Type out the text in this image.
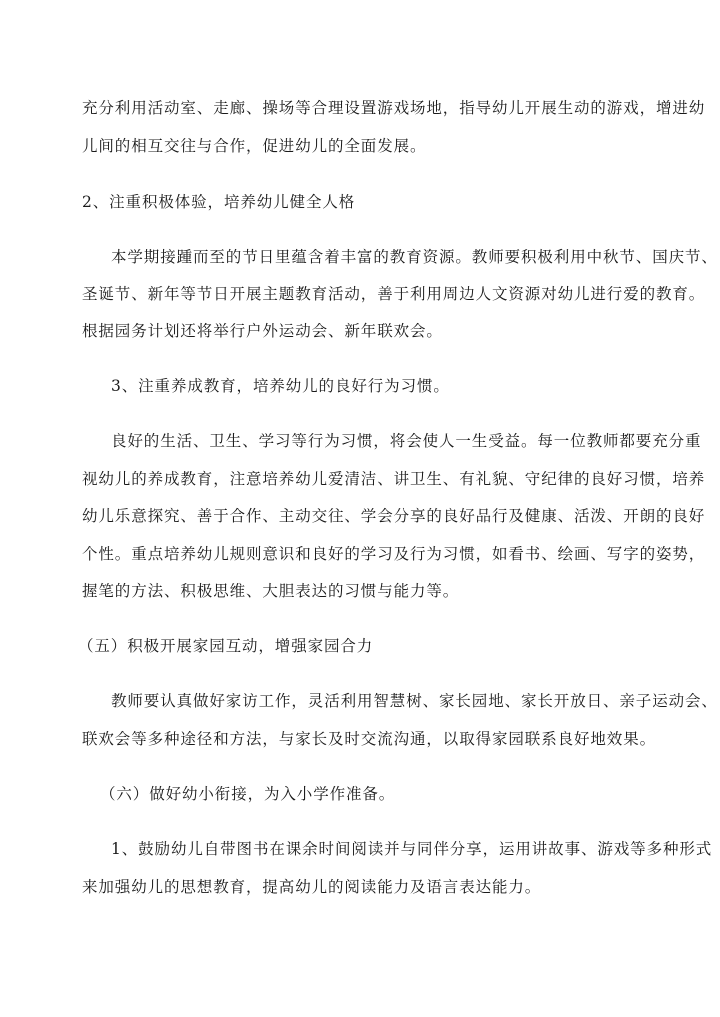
充分利用活动室、走廊、操场等合理设置游戏场地，指导幼儿开展生动的游戏，增进幼
儿间的相互交往与合作，促进幼儿的全面发展。
2、注重积极体验，培养幼儿健全人格
本学期接踵而至的节日里蕴含着丰富的教育资源。教师要积极利用中秋节、国庆节、
圣诞节、新年等节日开展主题教育活动，善于利用周边人文资源对幼儿进行爱的教育。
根据园务计划还将举行户外运动会、新年联欢会。
3、注重养成教育，培养幼儿的良好行为习惯。
良好的生活、卫生、学习等行为习惯，将会使人一生受益。每一位教师都要充分重
视幼儿的养成教育，注意培养幼儿爱清洁、讲卫生、有礼貌、守纪律的良好习惯，培养
幼儿乐意探究、善于合作、主动交往、学会分享的良好品行及健康、活泼、开朗的良好
个性。重点培养幼儿规则意识和良好的学习及行为习惯，如看书、绘画、写字的姿势，
握笔的方法、积极思维、大胆表达的习惯与能力等。
（五）积极开展家园互动，增强家园合力
教师要认真做好家访工作，灵活利用智慧树、家长园地、家长开放日、亲子运动会、
联欢会等多种途径和方法，与家长及时交流沟通，以取得家园联系良好地效果。
（六）做好幼小衔接，为入小学作准备。
1、鼓励幼儿自带图书在课余时间阅读并与同伴分享，运用讲故事、游戏等多种形式
来加强幼儿的思想教育，提高幼儿的阅读能力及语言表达能力。
